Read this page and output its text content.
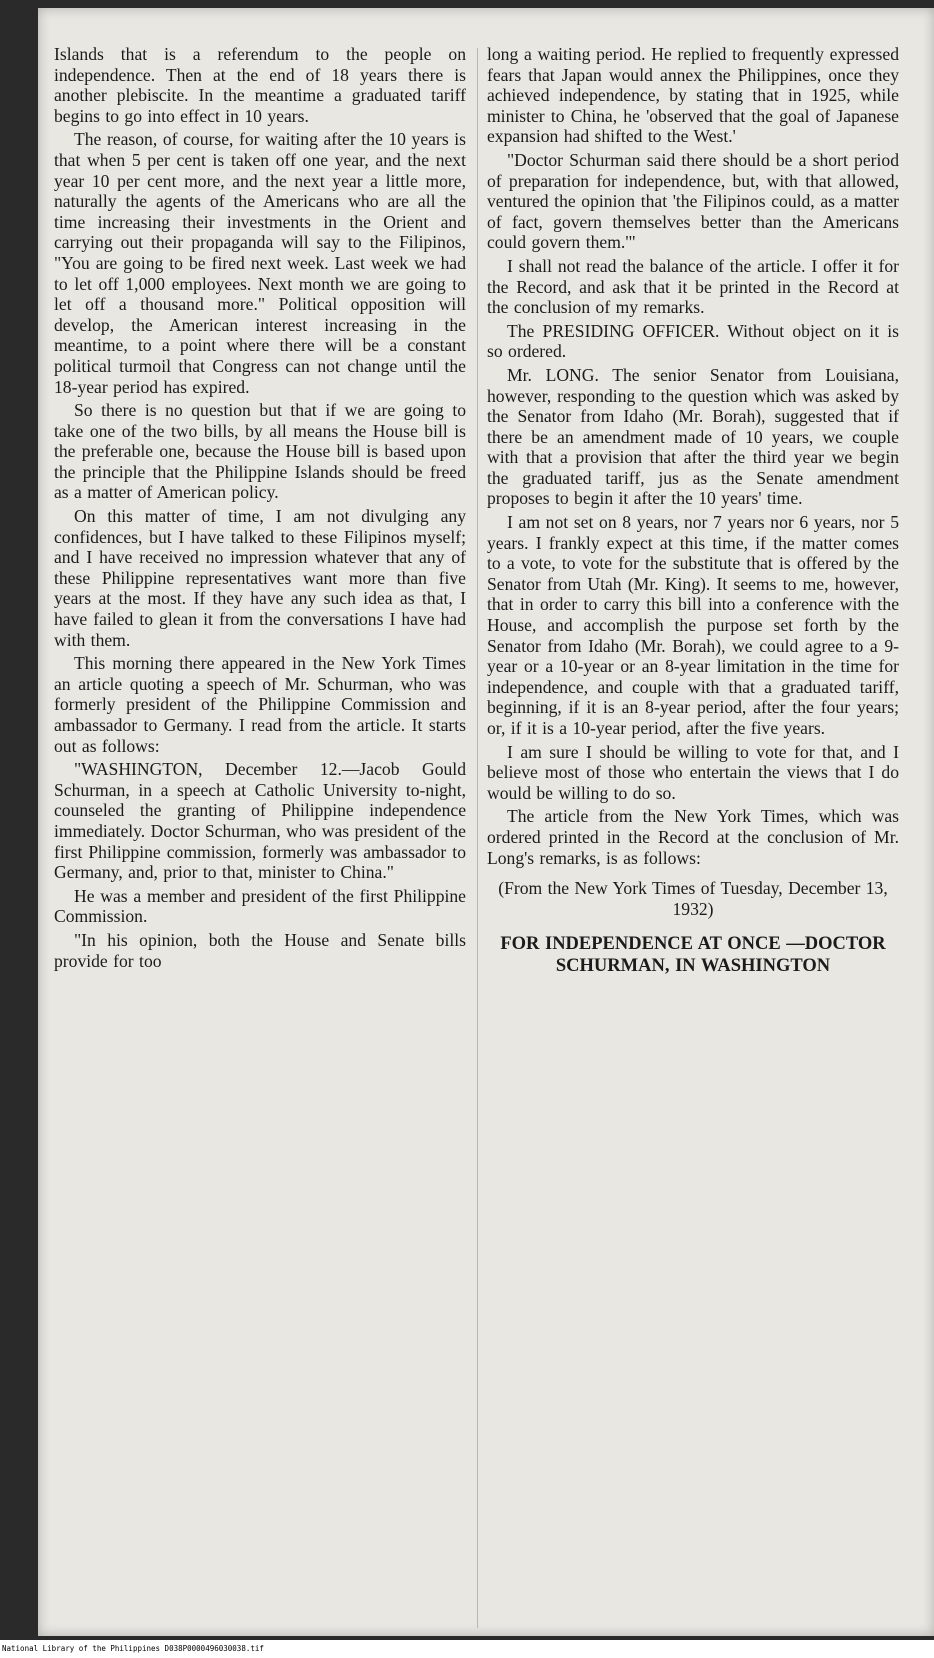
Islands that is a referendum to the people on independence. Then at the end of 18 years there is another plebiscite. In the meantime a graduated tariff begins to go into effect in 10 years.

The reason, of course, for waiting after the 10 years is that when 5 per cent is taken off one year, and the next year 10 per cent more, and the next year a little more, naturally the agents of the Americans who are all the time increasing their investments in the Orient and carrying out their propaganda will say to the Filipinos, "You are going to be fired next week. Last week we had to let off 1,000 employees. Next month we are going to let off a thousand more." Political opposition will develop, the American interest increasing in the meantime, to a point where there will be a constant political turmoil that Congress can not change until the 18-year period has expired.

So there is no question but that if we are going to take one of the two bills, by all means the House bill is the preferable one, because the House bill is based upon the principle that the Philippine Islands should be freed as a matter of American policy.

On this matter of time, I am not divulging any confidences, but I have talked to these Filipinos myself; and I have received no impression whatever that any of these Philippine representatives want more than five years at the most. If they have any such idea as that, I have failed to glean it from the conversations I have had with them.

This morning there appeared in the New York Times an article quoting a speech of Mr. Schurman, who was formerly president of the Philippine Commission and ambassador to Germany. I read from the article. It starts out as follows:

"WASHINGTON, December 12.—Jacob Gould Schurman, in a speech at Catholic University to-night, counseled the granting of Philippine independence immediately. Doctor Schurman, who was president of the first Philippine commission, formerly was ambassador to Germany, and, prior to that, minister to China."

He was a member and president of the first Philippine Commission.

"In his opinion, both the House and Senate bills provide for too

long a waiting period. He replied to frequently expressed fears that Japan would annex the Philippines, once they achieved independence, by stating that in 1925, while minister to China, he 'observed that the goal of Japanese expansion had shifted to the West.'

"Doctor Schurman said there should be a short period of preparation for independence, but, with that allowed, ventured the opinion that 'the Filipinos could, as a matter of fact, govern themselves better than the Americans could govern them.'"

I shall not read the balance of the article. I offer it for the Record, and ask that it be printed in the Record at the conclusion of my remarks.

The PRESIDING OFFICER. Without object on it is so ordered.

Mr. LONG. The senior Senator from Louisiana, however, responding to the question which was asked by the Senator from Idaho (Mr. Borah), suggested that if there be an amendment made of 10 years, we couple with that a provision that after the third year we begin the graduated tariff, jus as the Senate amendment proposes to begin it after the 10 years' time.

I am not set on 8 years, nor 7 years nor 6 years, nor 5 years. I frankly expect at this time, if the matter comes to a vote, to vote for the substitute that is offered by the Senator from Utah (Mr. King). It seems to me, however, that in order to carry this bill into a conference with the House, and accomplish the purpose set forth by the Senator from Idaho (Mr. Borah), we could agree to a 9-year or a 10-year or an 8-year limitation in the time for independence, and couple with that a graduated tariff, beginning, if it is an 8-year period, after the four years; or, if it is a 10-year period, after the five years.

I am sure I should be willing to vote for that, and I believe most of those who entertain the views that I do would be willing to do so.

The article from the New York Times, which was ordered printed in the Record at the conclusion of Mr. Long's remarks, is as follows:

(From the New York Times of Tuesday, December 13, 1932)

FOR INDEPENDENCE AT ONCE —DOCTOR SCHURMAN, IN WASHINGTON

National Library of the Philippines D038P0000496030038.tif
